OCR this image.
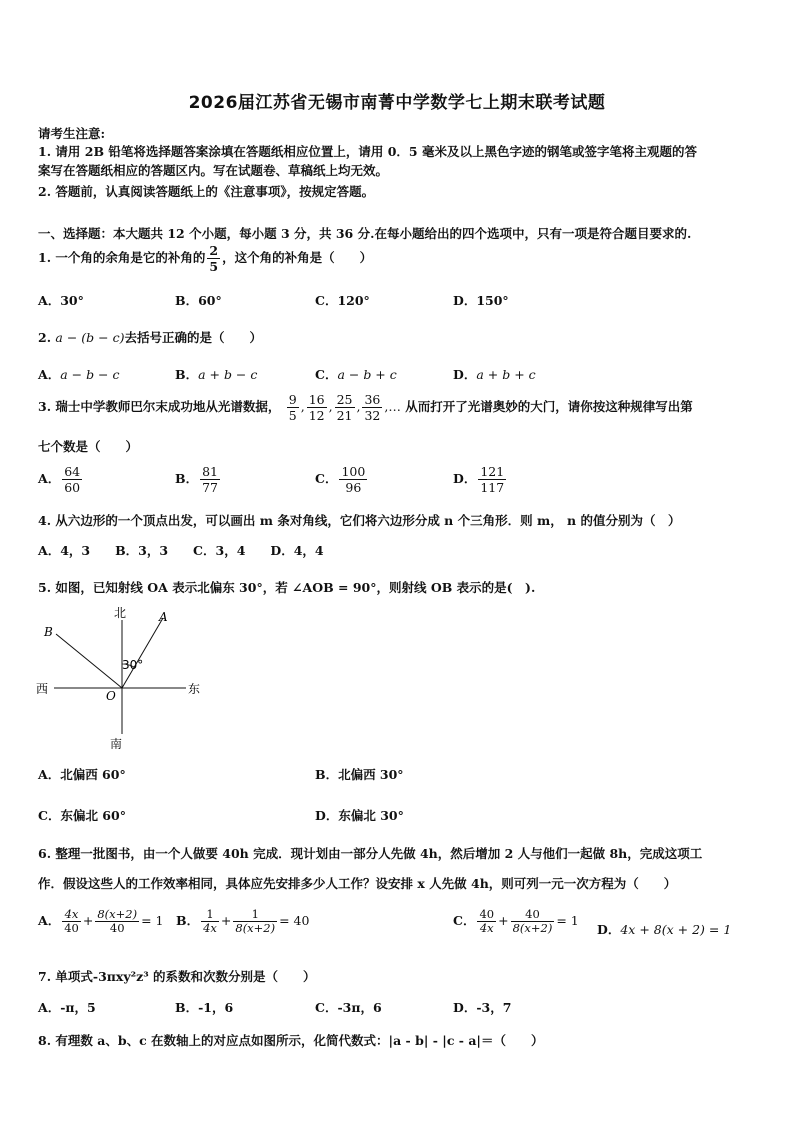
2026届江苏省无锡市南菁中学数学七上期末联考试题
请考生注意:
1. 请用 2B 铅笔将选择题答案涂填在答题纸相应位置上，请用 0．5 毫米及以上黑色字迹的钢笔或签字笔将主观题的答
案写在答题纸相应的答题区内。写在试题卷、草稿纸上均无效。
2. 答题前，认真阅读答题纸上的《注意事项》，按规定答题。
一、选择题：本大题共 12 个小题，每小题 3 分，共 36 分.在每小题给出的四个选项中，只有一项是符合题目要求的.
1. 一个角的余角是它的补角的 $\frac{2}{5}$ ，这个角的补角是（　　）
A．30°	B．60°	C．120°	D．150°
2. a − (b − c)去括号正确的是（　　）
A．a − b − c	B．a + b − c	C．a − b + c	D．a + b + c
3. 瑞士中学教师巴尔末成功地从光谱数据， $\frac{9}{5}$ , $\frac{16}{12}$ , $\frac{25}{21}$ , $\frac{36}{32}$ ,… 从而打开了光谱奥妙的大门，请你按这种规律写出第
七个数是（　　）
A． $\frac{64}{60}$	B． $\frac{81}{77}$	C． $\frac{100}{96}$	D． $\frac{121}{117}$
4. 从六边形的一个顶点出发，可以画出 m 条对角线，它们将六边形分成 n 个三角形．则 m， n 的值分别为（　）
A．4，3　　B．3，3　　C．3，4　　D．4，4
5. 如图，已知射线 OA 表示北偏东 30°，若 ∠AOB = 90°，则射线 OB 表示的是(　).
北
南
西	东
A
B
O
30°
A．北偏西 60°	B．北偏西 30°
C．东偏北 60°	D．东偏北 30°
6. 整理一批图书，由一个人做要 40h 完成．现计划由一部分人先做 4h，然后增加 2 人与他们一起做 8h，完成这项工
作．假设这些人的工作效率相同，具体应先安排多少人工作？设安排 x 人先做 4h，则可列一元一次方程为（　　）
A． $\frac{4x}{40} + \frac{8(x+2)}{40} = 1$ B． $\frac{1}{4x} + \frac{1}{8(x+2)} = 40$	C． $\frac{40}{4x} + \frac{40}{8(x+2)} = 1$
D．4x + 8(x + 2) = 1
7. 单项式-3πxy²z³ 的系数和次数分别是（　　）
A．-π，5	B．-1，6	C．-3π，6	D．-3，7
8. 有理数 a、b、c 在数轴上的对应点如图所示，化简代数式：|a - b| - |c - a|＝（　　）
